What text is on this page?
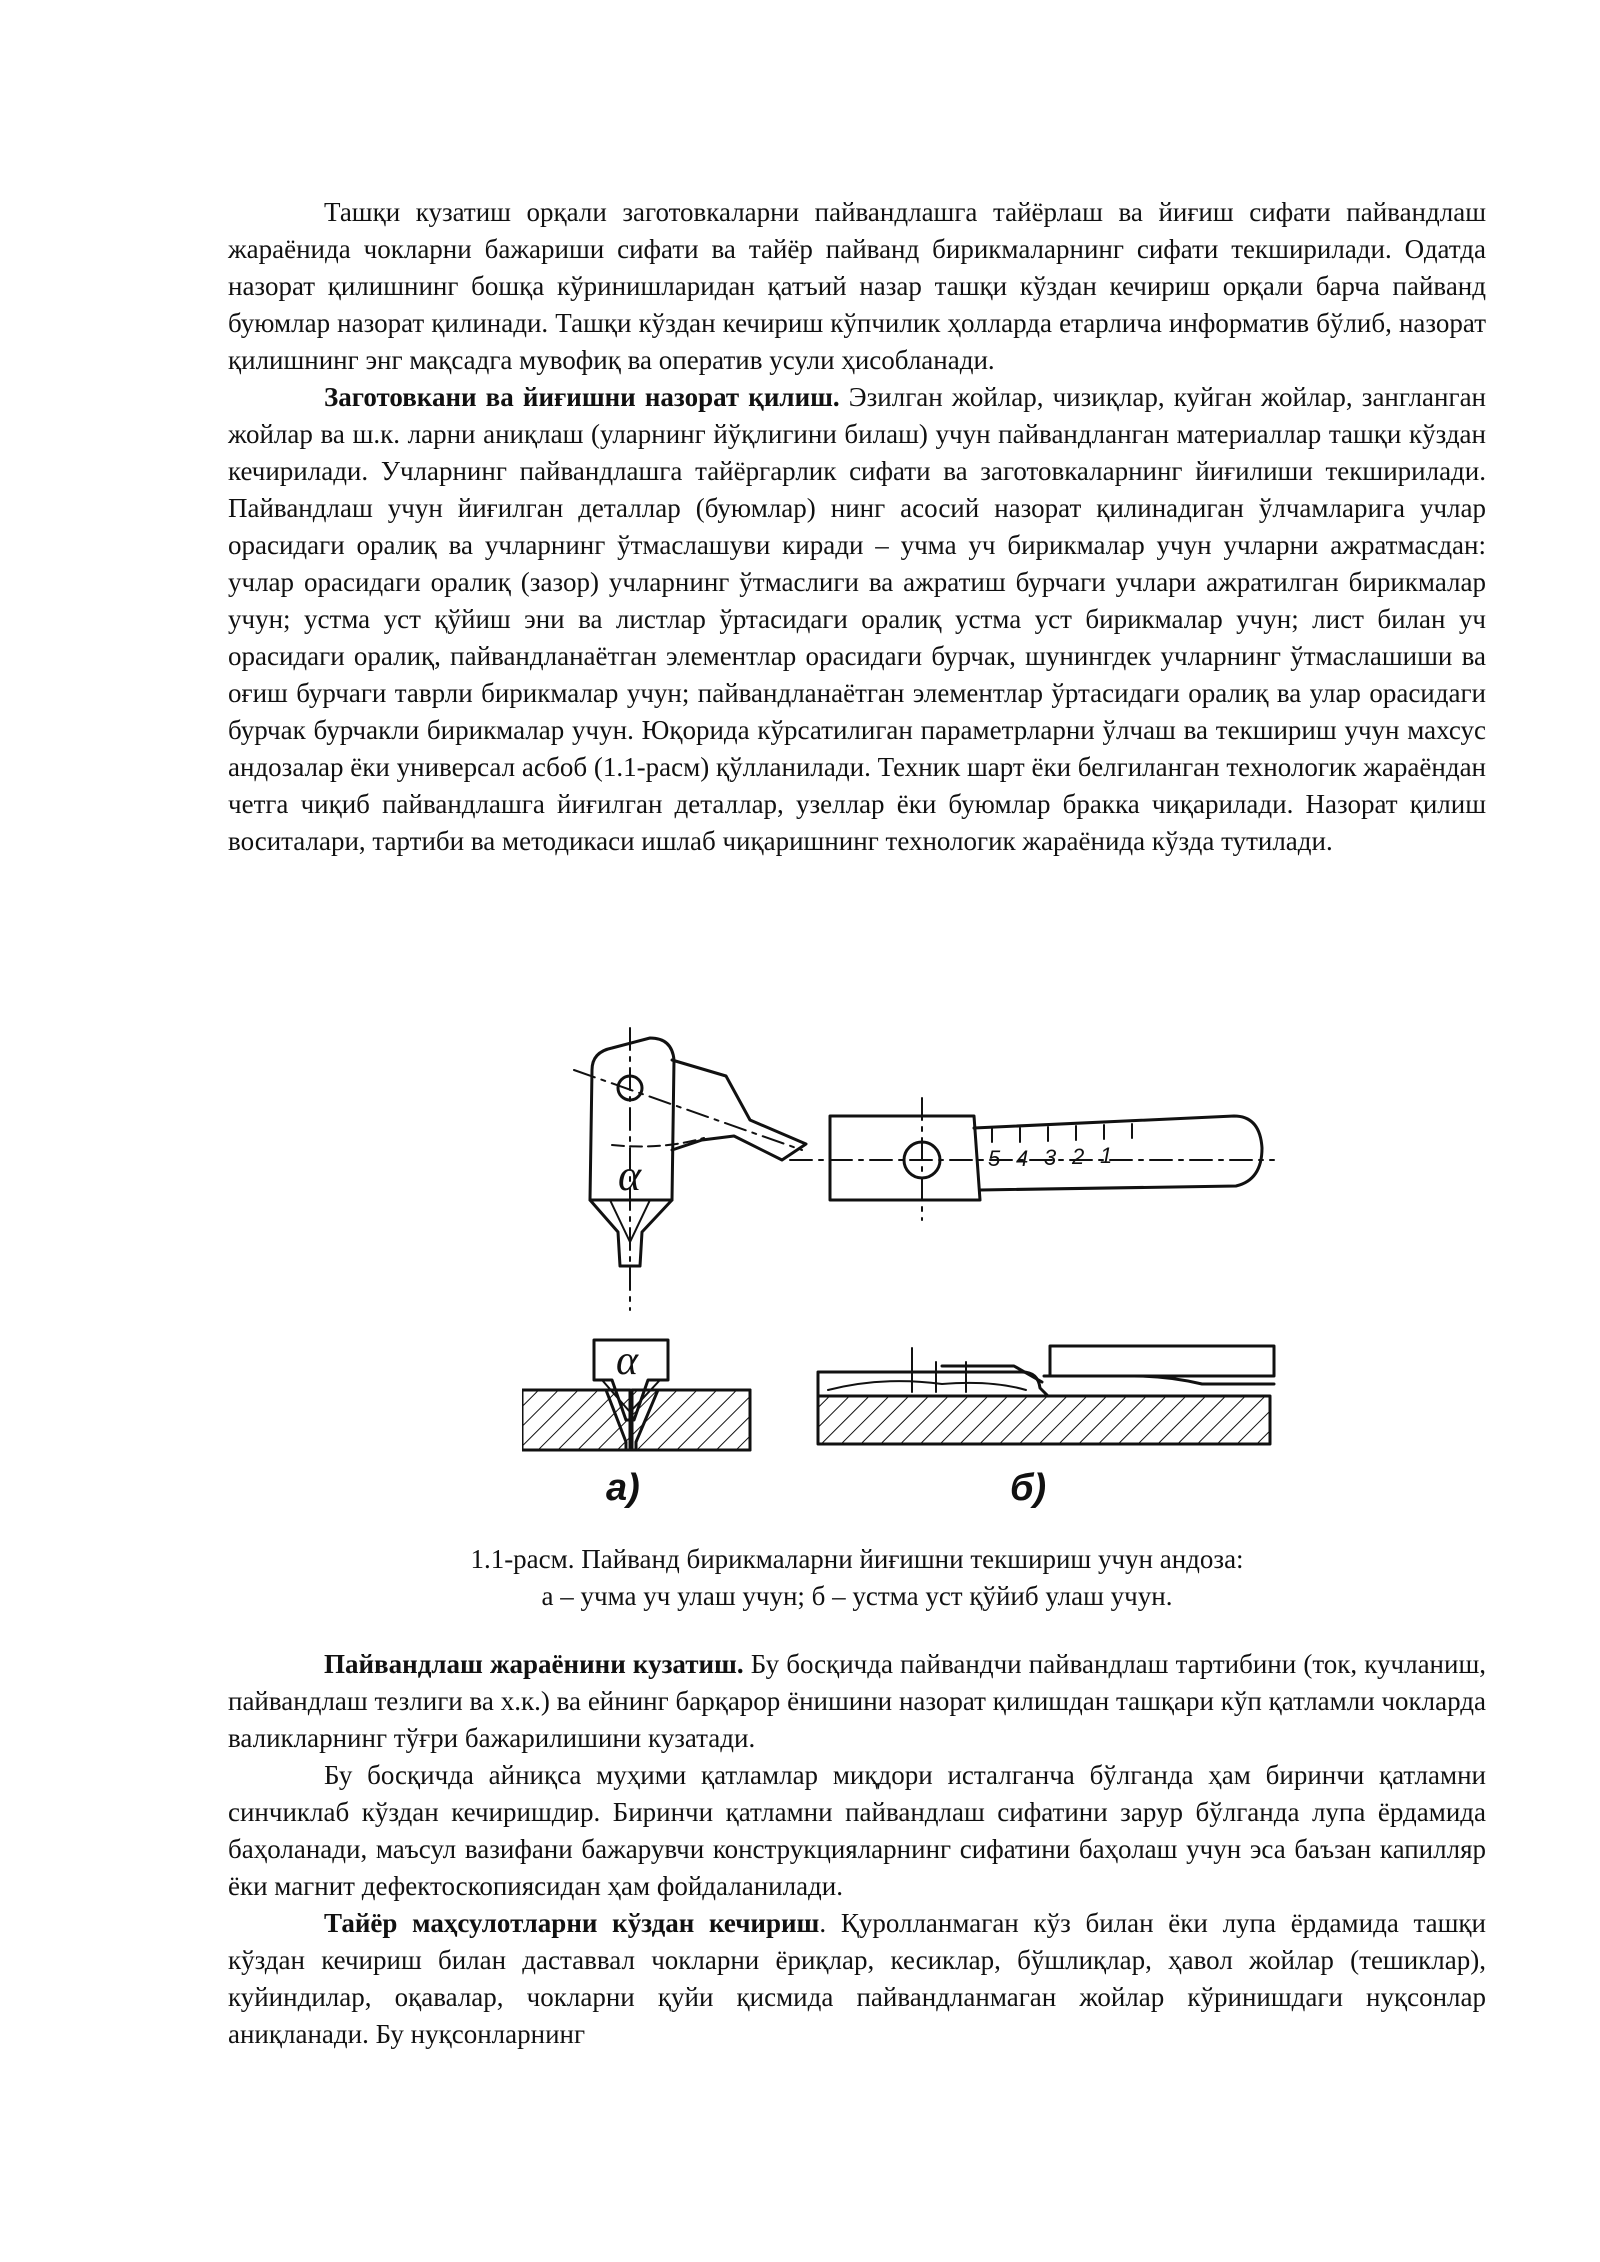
Ташқи кузатиш орқали заготовкаларни пайвандлашга тайёрлаш ва йиғиш сифати пайвандлаш жараёнида чокларни бажариши сифати ва тайёр пайванд бирикмаларнинг сифати текширилади. Одатда назорат қилишнинг бошқа кўринишларидан қатъий назар ташқи кўздан кечириш орқали барча пайванд буюмлар назорат қилинади. Ташқи кўздан кечириш кўпчилик ҳолларда етарлича информатив бўлиб, назорат қилишнинг энг мақсадга мувофиқ ва оператив усули ҳисобланади.

Заготовкани ва йиғишни назорат қилиш. Эзилган жойлар, чизиқлар, куйган жойлар, зангланган жойлар ва ш.к. ларни аниқлаш (уларнинг йўқлигини билаш) учун пайвандланган материаллар ташқи кўздан кечирилади. Учларнинг пайвандлашга тайёргарлик сифати ва заготовкаларнинг йиғилиши текширилади. Пайвандлаш учун йиғилган деталлар (буюмлар) нинг асосий назорат қилинадиган ўлчамларига учлар орасидаги оралиқ ва учларнинг ўтмаслашуви киради – учма уч бирикмалар учун учларни ажратмасдан: учлар орасидаги оралиқ (зазор) учларнинг ўтмаслиги ва ажратиш бурчаги учлари ажратилган бирикмалар учун; устма уст қўйиш эни ва листлар ўртасидаги оралиқ устма уст бирикмалар учун; лист билан уч орасидаги оралиқ, пайвандланаётган элементлар орасидаги бурчак, шунингдек учларнинг ўтмаслашиши ва оғиш бурчаги таврли бирикмалар учун; пайвандланаётган элементлар ўртасидаги оралиқ ва улар орасидаги бурчак бурчакли бирикмалар учун. Юқорида кўрсатилиган параметрларни ўлчаш ва текшириш учун махсус андозалар ёки универсал асбоб (1.1-расм) қўлланилади. Техник шарт ёки белгиланган технологик жараёндан четга чиқиб пайвандлашга йиғилган деталлар, узеллар ёки буюмлар бракка чиқарилади. Назорат қилиш воситалари, тартиби ва методикаси ишлаб чиқаришнинг технологик жараёнида кўзда тутилади.

α
α
5 4 3 2 1
а)	б)
1.1-расм. Пайванд бирикмаларни йиғишни текшириш учун андоза:
а – учма уч улаш учун; б – устма уст қўйиб улаш учун.

Пайвандлаш жараёнини кузатиш. Бу босқичда пайвандчи пайвандлаш тартибини (ток, кучланиш, пайвандлаш тезлиги ва х.к.) ва ейнинг барқарор ёнишини назорат қилишдан ташқари кўп қатламли чокларда валикларнинг тўғри бажарилишини кузатади.

Бу босқичда айниқса муҳими қатламлар миқдори исталганча бўлганда ҳам биринчи қатламни синчиклаб кўздан кечиришдир. Биринчи қатламни пайвандлаш сифатини зарур бўлганда лупа ёрдамида баҳоланади, маъсул вазифани бажарувчи конструкцияларнинг сифатини баҳолаш учун эса баъзан капилляр ёки магнит дефектоскопиясидан ҳам фойдаланилади.

Тайёр маҳсулотларни кўздан кечириш. Қуролланмаган кўз билан ёки лупа ёрдамида ташқи кўздан кечириш билан даставвал чокларни ёриқлар, кесиклар, бўшлиқлар, ҳавол жойлар (тешиклар), куйиндилар, оқавалар, чокларни қуйи қисмида пайвандланмаган жойлар кўринишдаги нуқсонлар аниқланади. Бу нуқсонларнинг
